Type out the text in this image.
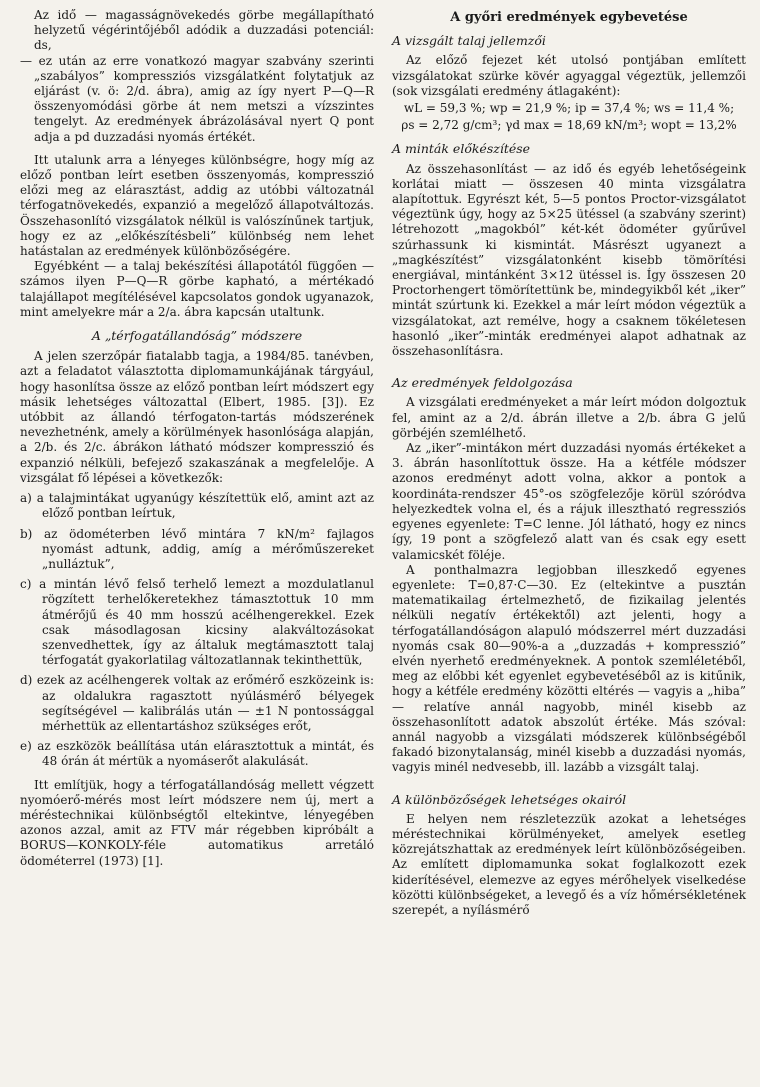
Az idő — magasságnövekedés görbe megállapítható helyzetű végérintőjéből adódik a duzzadási potenciál: ds,

— ez után az erre vonatkozó magyar szabvány szerinti „szabályos” kompressziós vizsgálatként folytatjuk az eljárást (v. ö: 2/d. ábra), amig az így nyert P—Q—R összenyomódási görbe át nem metszi a vízszintes tengelyt. Az eredmények ábrázolásával nyert Q pont adja a pd duzzadási nyomás értékét.

Itt utalunk arra a lényeges különbségre, hogy míg az előző pontban leírt esetben összenyomás, kompresszió előzi meg az elárasztást, addig az utóbbi változatnál térfogatnövekedés, expanzió a megelőző állapotváltozás. Összehasonlító vizsgálatok nélkül is valószínűnek tartjuk, hogy ez az „előkészítésbeli” különbség nem lehet hatástalan az eredmények különbözőségére.

Egyébként — a talaj bekészítési állapotától függően — számos ilyen P—Q—R görbe kapható, a mértékadó talajállapot megítélésével kapcsolatos gondok ugyanazok, mint amelyekre már a 2/a. ábra kapcsán utaltunk.

A „térfogatállandóság” módszere

A jelen szerzőpár fiatalabb tagja, a 1984/85. tanévben, azt a feladatot választotta diplomamunkájának tárgyául, hogy hasonlítsa össze az előző pontban leírt módszert egy másik lehetséges változattal (Elbert, 1985. [3]). Ez utóbbit az állandó térfogaton-tartás módszerének nevezhetnénk, amely a körülmények hasonlósága alapján, a 2/b. és 2/c. ábrákon látható módszer kompresszió és expanzió nélküli, befejező szakaszának a megfelelője. A vizsgálat fő lépései a következők:

a) a talajmintákat ugyanúgy készítettük elő, amint azt az előző pontban leírtuk,

b) az ödométerben lévő mintára 7 kN/m² fajlagos nyomást adtunk, addig, amíg a mérőműszereket „nulláztuk”,

c) a mintán lévő felső terhelő lemezt a mozdulatlanul rögzített terhelőkeretekhez támasztottuk 10 mm átmérőjű és 40 mm hosszú acélhengerekkel. Ezek csak másodlagosan kicsiny alakváltozásokat szenvedhettek, így az általuk megtámasztott talaj térfogatát gyakorlatilag változatlannak tekinthettük,

d) ezek az acélhengerek voltak az erőmérő eszközeink is: az oldalukra ragasztott nyúlásmérő bélyegek segítségével — kalibrálás után — ±1 N pontossággal mérhettük az ellentartáshoz szükséges erőt,

e) az eszközök beállítása után elárasztottuk a mintát, és 48 órán át mértük a nyomáserőt alakulását.

Itt említjük, hogy a térfogatállandóság mellett végzett nyomóerő-mérés most leírt módszere nem új, mert a méréstechnikai különbségtől eltekintve, lényegében azonos azzal, amit az FTV már régebben kipróbált a BORUS—KONKOLY-féle automatikus arretáló ödométerrel (1973) [1].

A győri eredmények egybevetése
A vizsgált talaj jellemzői

Az előző fejezet két utolsó pontjában említett vizsgálatokat szürke kövér agyaggal végeztük, jellemzői (sok vizsgálati eredmény átlagaként):

wL = 59,3 %; wp = 21,9 %; ip = 37,4 %; ws = 11,4 %;

ρs = 2,72 g/cm³; γd max = 18,69 kN/m³; wopt = 13,2%

A minták előkészítése

Az összehasonlítást — az idő és egyéb lehetőségeink korlátai miatt — összesen 40 minta vizsgálatra alapítottuk. Egyrészt két, 5—5 pontos Proctor-vizsgálatot végeztünk úgy, hogy az 5×25 ütéssel (a szabvány szerint) létrehozott „magokból” két-két ödométer gyűrűvel szúrhassunk ki kismintát. Másrészt ugyanezt a „magkészítést” vizsgálatonként kisebb tömörítési energiával, mintánként 3×12 ütéssel is. Így összesen 20 Proctorhengert tömörítettünk be, mindegyikből két „iker” mintát szúrtunk ki. Ezekkel a már leírt módon végeztük a vizsgálatokat, azt remélve, hogy a csaknem tökéletesen hasonló „iker”-minták eredményei alapot adhatnak az összehasonlításra.

Az eredmények feldolgozása

A vizsgálati eredményeket a már leírt módon dolgoztuk fel, amint az a 2/d. ábrán illetve a 2/b. ábra G jelű görbéjén szemlélhető.

Az „iker”-mintákon mért duzzadási nyomás értékeket a 3. ábrán hasonlítottuk össze. Ha a kétféle módszer azonos eredményt adott volna, akkor a pontok a koordináta-rendszer 45°-os szögfelezője körül szóródva helyezkedtek volna el, és a rájuk illesztható regressziós egyenes egyenlete: T=C lenne. Jól látható, hogy ez nincs így, 19 pont a szögfelező alatt van és csak egy esett valamicskét föléje.

A ponthalmazra legjobban illeszkedő egyenes egyenlete: T=0,87·C—30. Ez (eltekintve a pusztán matematikailag értelmezhető, de fizikailag jelentés nélküli negatív értékektől) azt jelenti, hogy a térfogatállandóságon alapuló módszerrel mért duzzadási nyomás csak 80—90%-a a „duzzadás + kompresszió” elvén nyerhető eredményeknek. A pontok szemléletéből, meg az előbbi két egyenlet egybevetéséből az is kitűnik, hogy a kétféle eredmény közötti eltérés — vagyis a „hiba” — relatíve annál nagyobb, minél kisebb az összehasonlított adatok abszolút értéke. Más szóval: annál nagyobb a vizsgálati módszerek különbségéből fakadó bizonytalanság, minél kisebb a duzzadási nyomás, vagyis minél nedvesebb, ill. lazább a vizsgált talaj.

A különbözőségek lehetséges okairól

E helyen nem részletezzük azokat a lehetséges méréstechnikai körülményeket, amelyek esetleg közrejátszhattak az eredmények leírt különbözőségeiben. Az említett diplomamunka sokat foglalkozott ezek kiderítésével, elemezve az egyes mérőhelyek viselkedése közötti különbségeket, a levegő és a víz hőmérsékletének szerepét, a nyílásmérő
